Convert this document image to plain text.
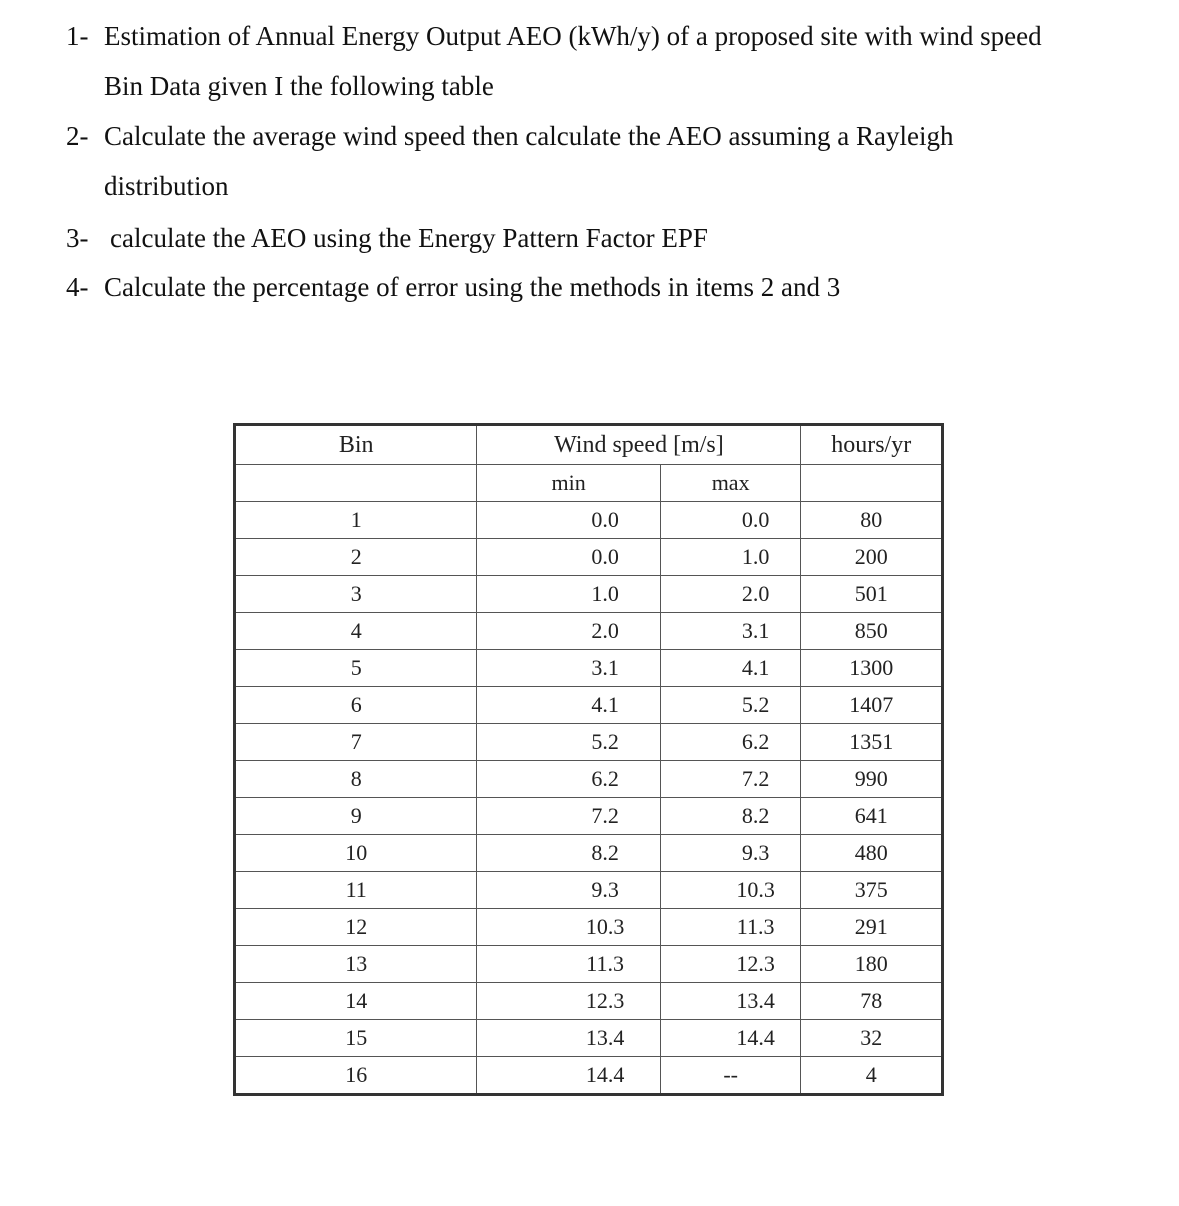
1- Estimation of Annual Energy Output AEO (kWh/y) of a proposed site with wind speed
Bin Data given I the following table
2- Calculate the average wind speed then calculate the AEO assuming a Rayleigh
distribution
3- calculate the AEO using the Energy Pattern Factor EPF
4- Calculate the percentage of error using the methods in items 2 and 3
Bin	Wind speed [m/s]		hours/yr
	min	max	
1	0.0	0.0	80
2	0.0	1.0	200
3	1.0	2.0	501
4	2.0	3.1	850
5	3.1	4.1	1300
6	4.1	5.2	1407
7	5.2	6.2	1351
8	6.2	7.2	990
9	7.2	8.2	641
10	8.2	9.3	480
11	9.3	10.3	375
12	10.3	11.3	291
13	11.3	12.3	180
14	12.3	13.4	78
15	13.4	14.4	32
16	14.4	--	4
